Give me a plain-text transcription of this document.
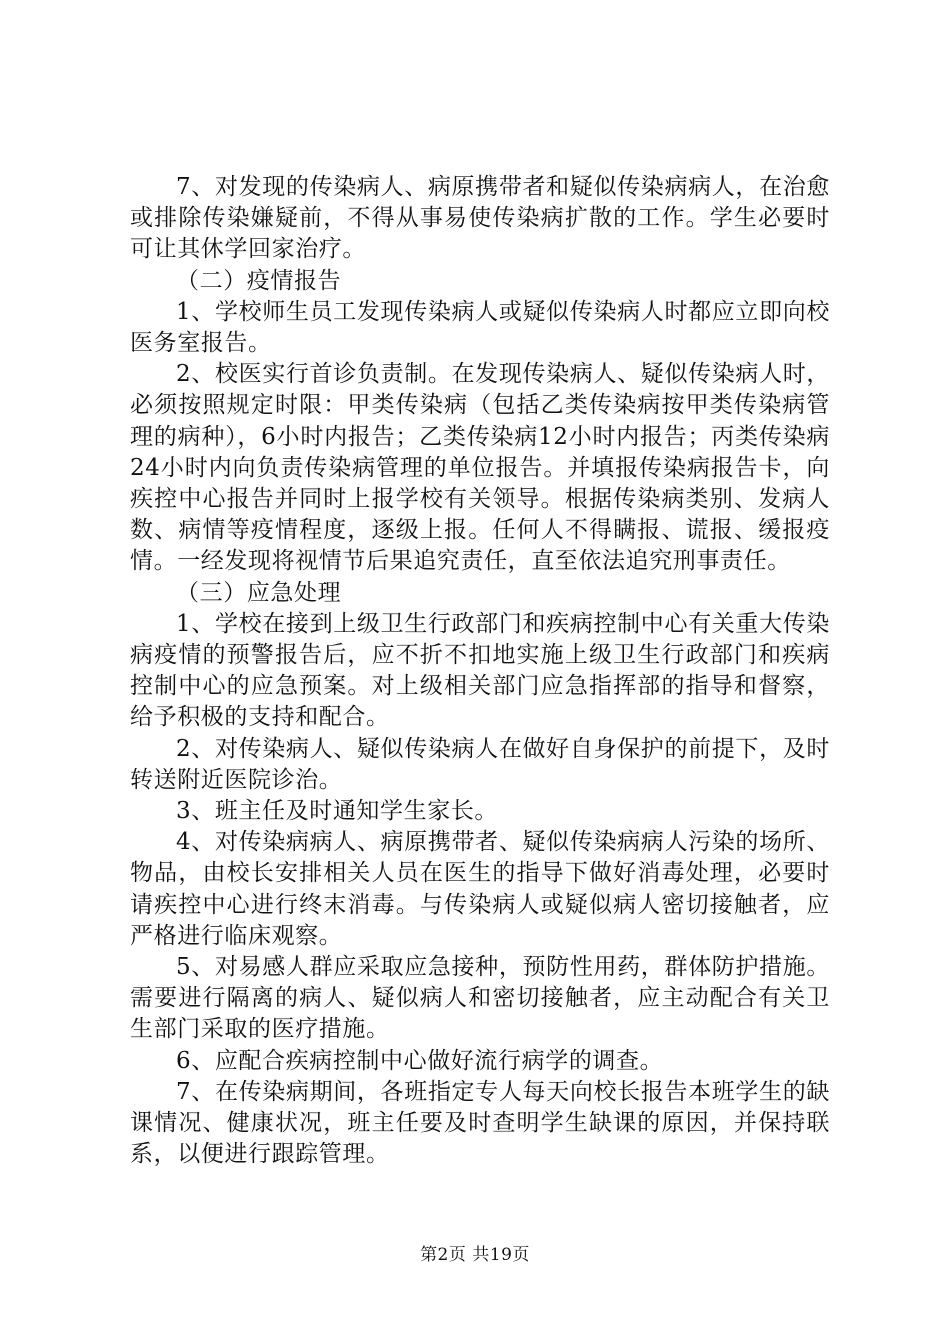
7、对发现的传染病人、病原携带者和疑似传染病病人，在治愈或排除传染嫌疑前，不得从事易使传染病扩散的工作。学生必要时可让其休学回家治疗。

（二）疫情报告

1、学校师生员工发现传染病人或疑似传染病人时都应立即向校医务室报告。

2、校医实行首诊负责制。在发现传染病人、疑似传染病人时，必须按照规定时限：甲类传染病（包括乙类传染病按甲类传染病管理的病种），6小时内报告；乙类传染病12小时内报告；丙类传染病24小时内向负责传染病管理的单位报告。并填报传染病报告卡，向疾控中心报告并同时上报学校有关领导。根据传染病类别、发病人数、病情等疫情程度，逐级上报。任何人不得瞒报、谎报、缓报疫情。一经发现将视情节后果追究责任，直至依法追究刑事责任。

（三）应急处理

1、学校在接到上级卫生行政部门和疾病控制中心有关重大传染病疫情的预警报告后，应不折不扣地实施上级卫生行政部门和疾病控制中心的应急预案。对上级相关部门应急指挥部的指导和督察，给予积极的支持和配合。

2、对传染病人、疑似传染病人在做好自身保护的前提下，及时转送附近医院诊治。

3、班主任及时通知学生家长。

4、对传染病病人、病原携带者、疑似传染病病人污染的场所、物品，由校长安排相关人员在医生的指导下做好消毒处理，必要时请疾控中心进行终末消毒。与传染病人或疑似病人密切接触者，应严格进行临床观察。

5、对易感人群应采取应急接种，预防性用药，群体防护措施。需要进行隔离的病人、疑似病人和密切接触者，应主动配合有关卫生部门采取的医疗措施。

6、应配合疾病控制中心做好流行病学的调查。

7、在传染病期间，各班指定专人每天向校长报告本班学生的缺课情况、健康状况，班主任要及时查明学生缺课的原因，并保持联系，以便进行跟踪管理。

第2页 共19页
